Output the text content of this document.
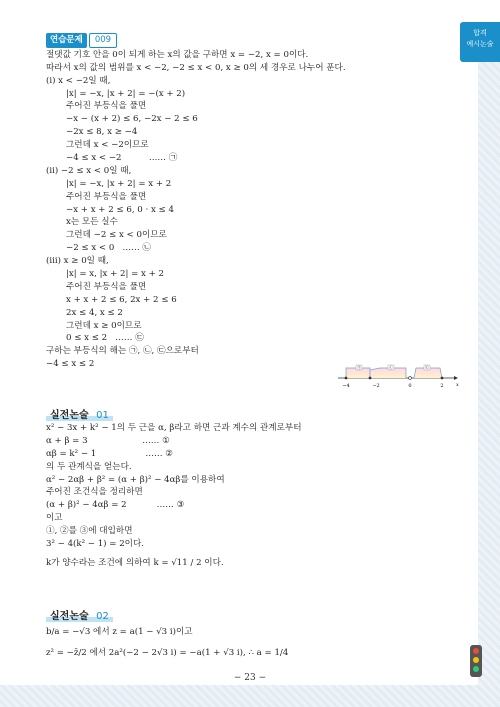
합격
예시논술
연습문제 009
절댓값 기호 안을 0이 되게 하는 x의 값을 구하면 x = −2, x = 0이다.
따라서 x의 값의 범위를 x < −2, −2 ≤ x < 0, x ≥ 0의 세 경우로 나누어 푼다.
(ⅰ) x < −2일 때,
|x| = −x, |x + 2| = −(x + 2)
주어진 부등식을 풀면
−x − (x + 2) ≤ 6, −2x − 2 ≤ 6
−2x ≤ 8, x ≥ −4
그런데 x < −2이므로
−4 ≤ x < −2          …… ㉠
(ⅱ) −2 ≤ x < 0일 때,
|x| = −x, |x + 2| = x + 2
주어진 부등식을 풀면
−x + x + 2 ≤ 6, 0 · x ≤ 4
x는 모든 실수
그런데 −2 ≤ x < 0이므로
−2 ≤ x < 0   …… ㉡
(ⅲ) x ≥ 0일 때,
|x| = x, |x + 2| = x + 2
주어진 부등식을 풀면
x + x + 2 ≤ 6, 2x + 2 ≤ 6
2x ≤ 4, x ≤ 2
그런데 x ≥ 0이므로
0 ≤ x ≤ 2   …… ㉢
구하는 부등식의 해는 ㉠, ㉡, ㉢으로부터
−4 ≤ x ≤ 2	㉠	㉡	㉢
−4	−2	0	2 x
실전논술 01
x² − 3x + k² − 1의 두 근을 α, β라고 하면 근과 계수의 관계로부터
α + β = 3                    …… ①
αβ = k² − 1                  …… ②
의 두 관계식을 얻는다.
α² − 2αβ + β² = (α + β)² − 4αβ를 이용하여
주어진 조건식을 정리하면
(α + β)² − 4αβ = 2           …… ③
이고
①, ②를 ③에 대입하면
3² − 4(k² − 1) = 2이다.
k가 양수라는 조건에 의하여 k = √11 / 2 이다.
실전논술 02
b/a = −√3 에서 z = a(1 − √3 i)이고
z² = −z̄/2 에서 2a²(−2 − 2√3 i) = −a(1 + √3 i), ∴ a = 1/4
− 23 −
